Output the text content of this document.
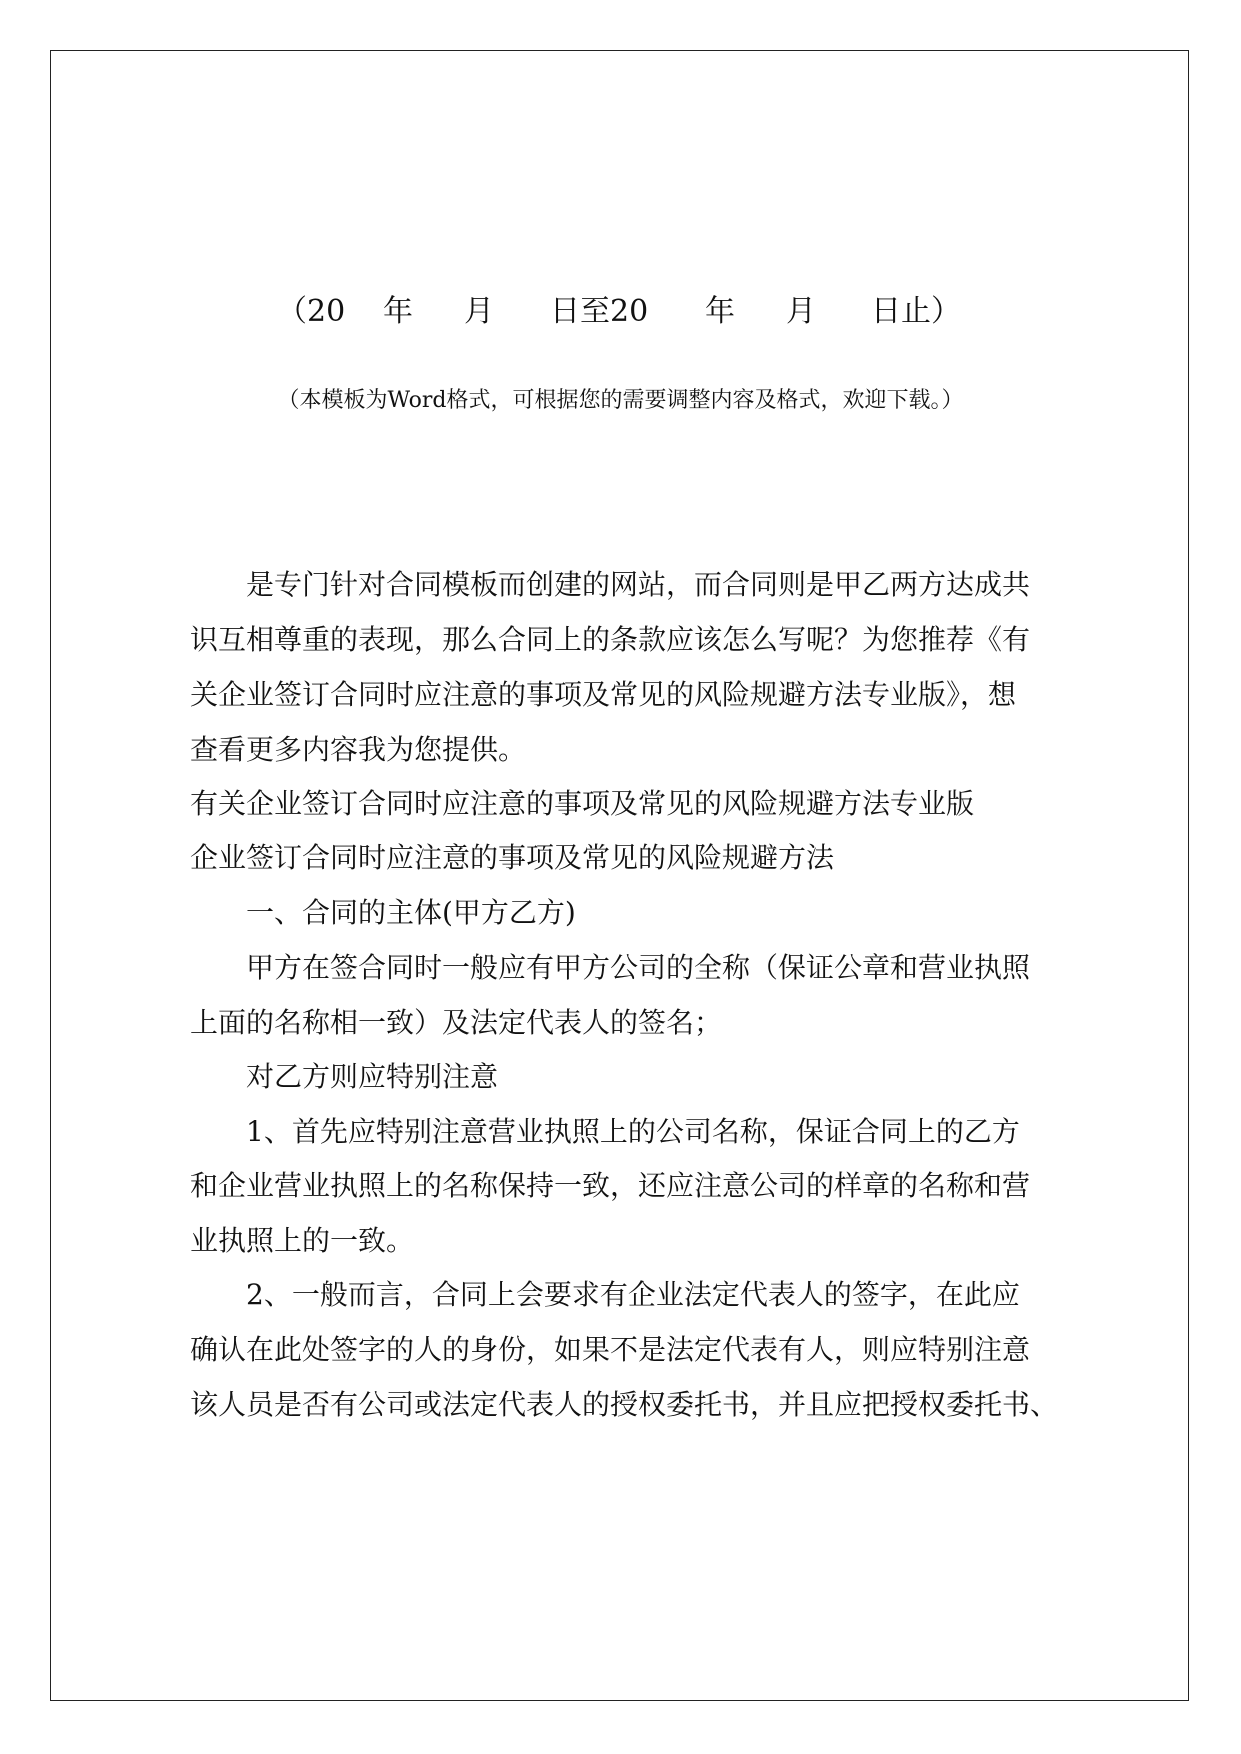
（20 年 月 日至20 年 月 日止）
（本模板为Word格式，可根据您的需要调整内容及格式，欢迎下载。）
是专门针对合同模板而创建的网站，而合同则是甲乙两方达成共
识互相尊重的表现，那么合同上的条款应该怎么写呢？为您推荐《有
关企业签订合同时应注意的事项及常见的风险规避方法专业版》，想
查看更多内容我为您提供。
有关企业签订合同时应注意的事项及常见的风险规避方法专业版
企业签订合同时应注意的事项及常见的风险规避方法
一、合同的主体(甲方乙方)
甲方在签合同时一般应有甲方公司的全称（保证公章和营业执照
上面的名称相一致）及法定代表人的签名；
对乙方则应特别注意
1、首先应特别注意营业执照上的公司名称，保证合同上的乙方
和企业营业执照上的名称保持一致，还应注意公司的样章的名称和营
业执照上的一致。
2、一般而言，合同上会要求有企业法定代表人的签字，在此应
确认在此处签字的人的身份，如果不是法定代表有人，则应特别注意
该人员是否有公司或法定代表人的授权委托书，并且应把授权委托书、
